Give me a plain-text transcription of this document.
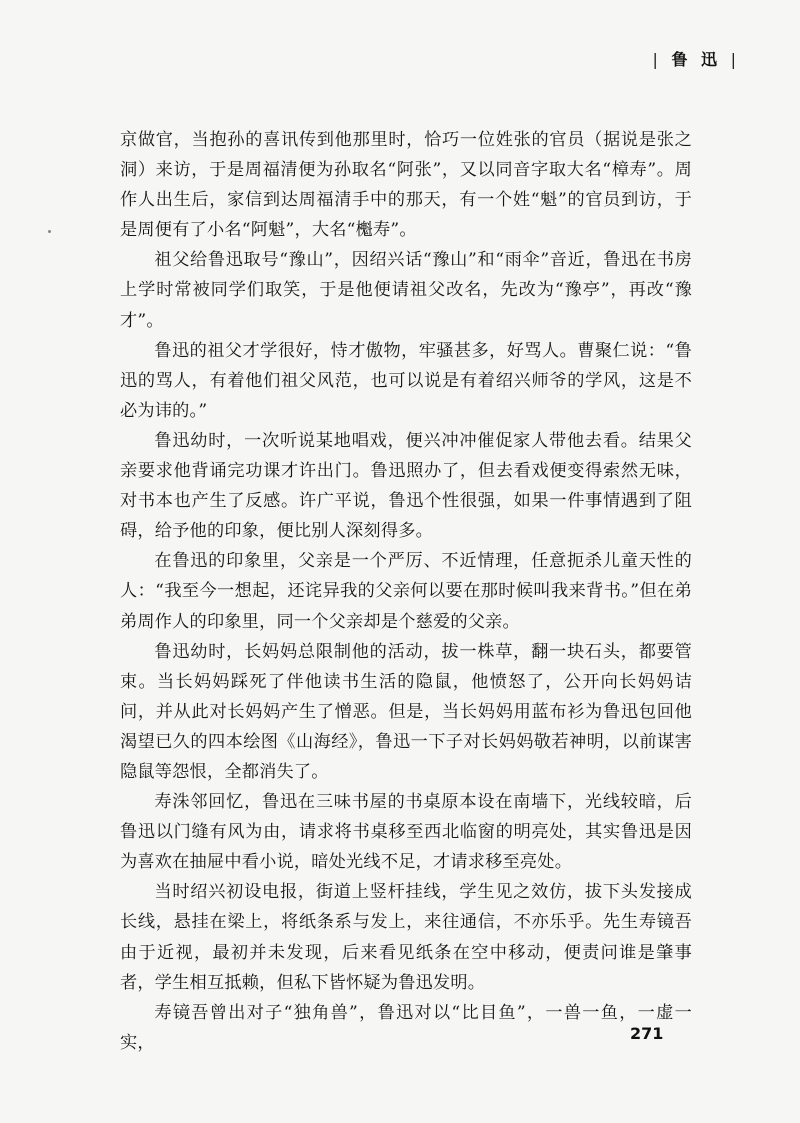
| 鲁 迅 |

京做官，当抱孙的喜讯传到他那里时，恰巧一位姓张的官员（据说是张之洞）来访，于是周福清便为孙取名“阿张”，又以同音字取大名“樟寿”。周作人出生后，家信到达周福清手中的那天，有一个姓“魁”的官员到访，于是周便有了小名“阿魁”，大名“櫆寿”。

祖父给鲁迅取号“豫山”，因绍兴话“豫山”和“雨伞”音近，鲁迅在书房上学时常被同学们取笑，于是他便请祖父改名，先改为“豫亭”，再改“豫才”。

鲁迅的祖父才学很好，恃才傲物，牢骚甚多，好骂人。曹聚仁说：“鲁迅的骂人，有着他们祖父风范，也可以说是有着绍兴师爷的学风，这是不必为讳的。”

鲁迅幼时，一次听说某地唱戏，便兴冲冲催促家人带他去看。结果父亲要求他背诵完功课才许出门。鲁迅照办了，但去看戏便变得索然无味，对书本也产生了反感。许广平说，鲁迅个性很强，如果一件事情遇到了阻碍，给予他的印象，便比别人深刻得多。

在鲁迅的印象里，父亲是一个严厉、不近情理，任意扼杀儿童天性的人：“我至今一想起，还诧异我的父亲何以要在那时候叫我来背书。”但在弟弟周作人的印象里，同一个父亲却是个慈爱的父亲。

鲁迅幼时，长妈妈总限制他的活动，拔一株草，翻一块石头，都要管束。当长妈妈踩死了伴他读书生活的隐鼠，他愤怒了，公开向长妈妈诘问，并从此对长妈妈产生了憎恶。但是，当长妈妈用蓝布衫为鲁迅包回他渴望已久的四本绘图《山海经》，鲁迅一下子对长妈妈敬若神明，以前谋害隐鼠等怨恨，全都消失了。

寿洙邻回忆，鲁迅在三味书屋的书桌原本设在南墙下，光线较暗，后鲁迅以门缝有风为由，请求将书桌移至西北临窗的明亮处，其实鲁迅是因为喜欢在抽屉中看小说，暗处光线不足，才请求移至亮处。

当时绍兴初设电报，街道上竖杆挂线，学生见之效仿，拔下头发接成长线，悬挂在梁上，将纸条系与发上，来往通信，不亦乐乎。先生寿镜吾由于近视，最初并未发现，后来看见纸条在空中移动，便责问谁是肇事者，学生相互抵赖，但私下皆怀疑为鲁迅发明。

寿镜吾曾出对子“独角兽”，鲁迅对以“比目鱼”，一兽一鱼，一虚一实，	271
